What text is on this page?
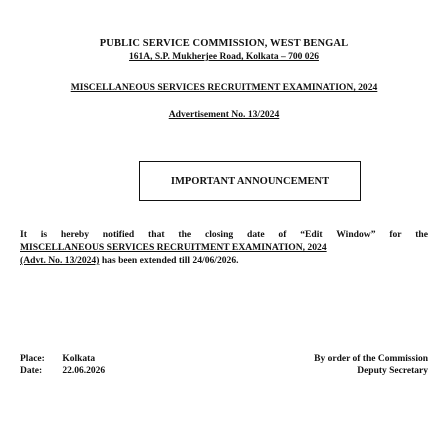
PUBLIC SERVICE COMMISSION, WEST BENGAL
161A, S.P. Mukherjee Road, Kolkata – 700 026
MISCELLANEOUS SERVICES RECRUITMENT EXAMINATION, 2024
Advertisement No. 13/2024
IMPORTANT ANNOUNCEMENT
It is hereby notified that the closing date of “Edit Window” for the
MISCELLANEOUS SERVICES RECRUITMENT EXAMINATION, 2024
(Advt. No. 13/2024) has been extended till 24/06/2026.
Place: Kolkata
Date: 22.06.2026
By order of the Commission
Deputy Secretary
